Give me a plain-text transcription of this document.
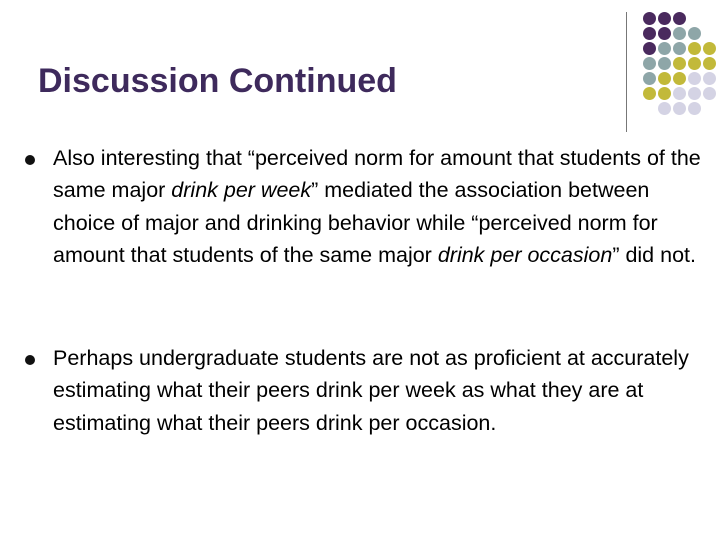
Discussion Continued
Also interesting that “perceived norm for amount that students of the same major drink per week” mediated the association between choice of major and drinking behavior while “perceived norm for amount that students of the same major drink per occasion” did not.
Perhaps undergraduate students are not as proficient at accurately estimating what their peers drink per week as what they are at estimating what their peers drink per occasion.
